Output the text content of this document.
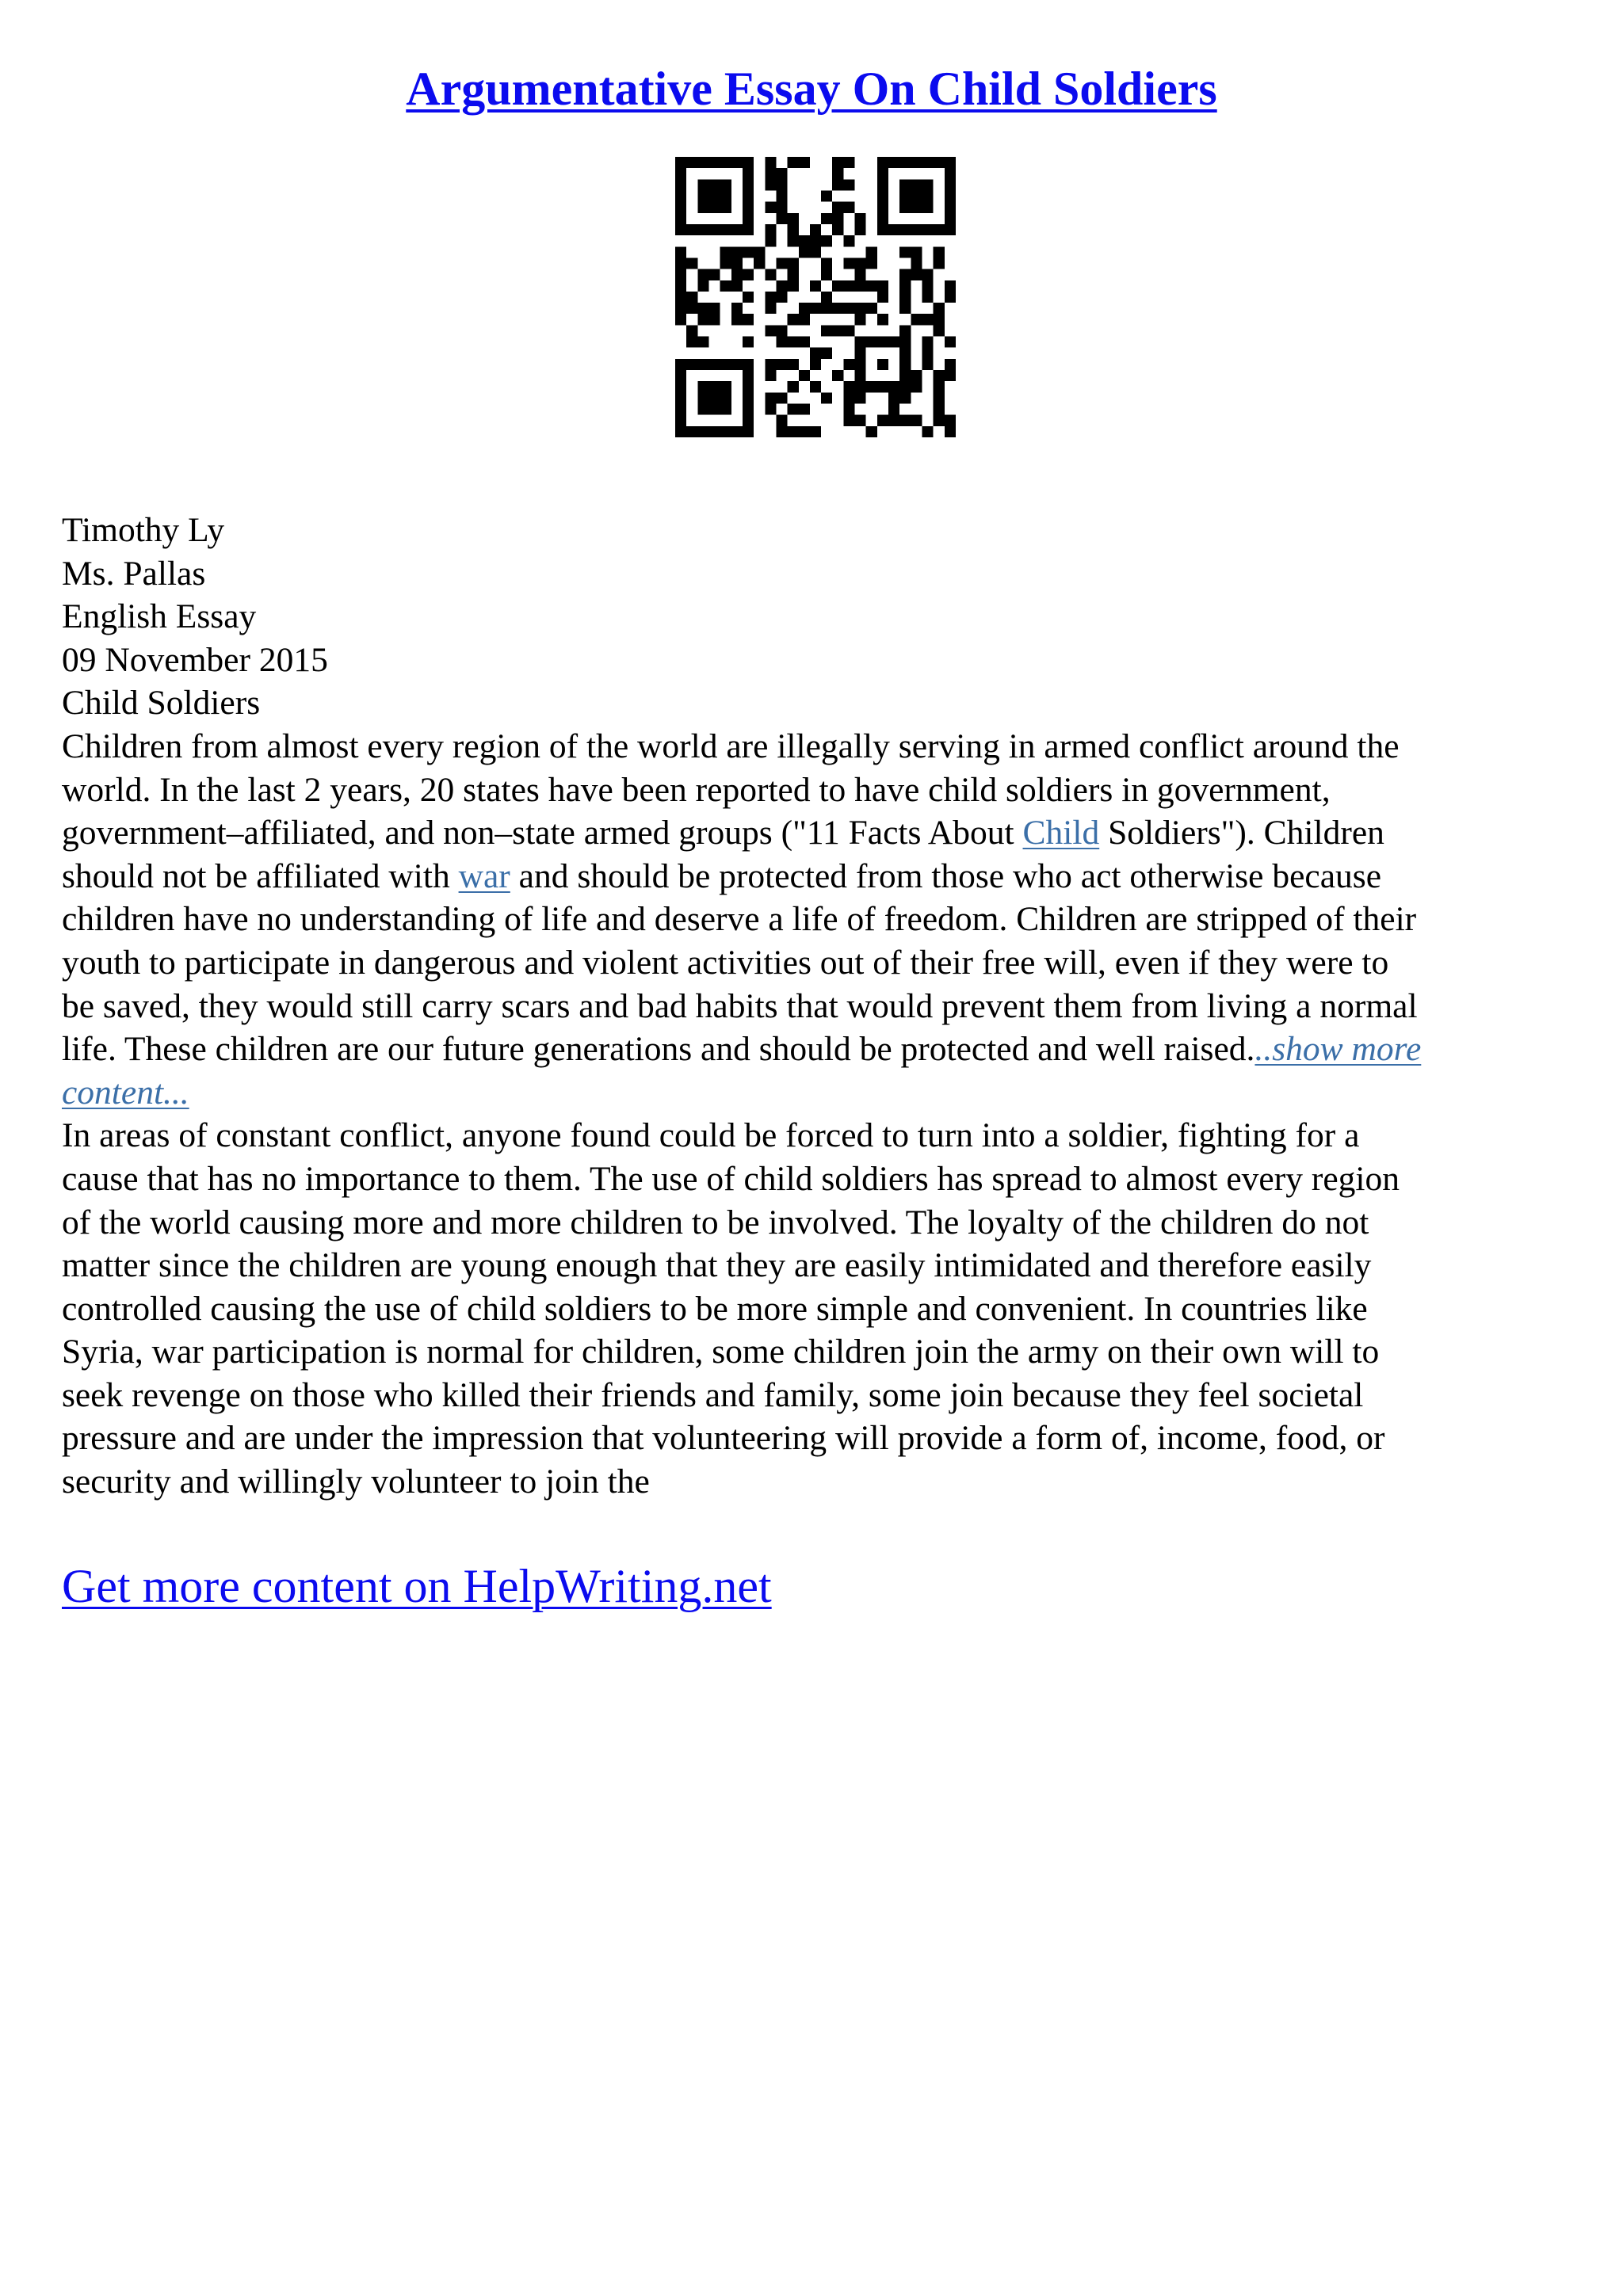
Argumentative Essay On Child Soldiers
Timothy Ly
Ms. Pallas
English Essay
09 November 2015
Child Soldiers
Children from almost every region of the world are illegally serving in armed conflict around the
world. In the last 2 years, 20 states have been reported to have child soldiers in government,
government–affiliated, and non–state armed groups ("11 Facts About Child Soldiers"). Children
should not be affiliated with war and should be protected from those who act otherwise because
children have no understanding of life and deserve a life of freedom. Children are stripped of their
youth to participate in dangerous and violent activities out of their free will, even if they were to
be saved, they would still carry scars and bad habits that would prevent them from living a normal
life. These children are our future generations and should be protected and well raised...show more
content...
In areas of constant conflict, anyone found could be forced to turn into a soldier, fighting for a
cause that has no importance to them. The use of child soldiers has spread to almost every region
of the world causing more and more children to be involved. The loyalty of the children do not
matter since the children are young enough that they are easily intimidated and therefore easily
controlled causing the use of child soldiers to be more simple and convenient. In countries like
Syria, war participation is normal for children, some children join the army on their own will to
seek revenge on those who killed their friends and family, some join because they feel societal
pressure and are under the impression that volunteering will provide a form of, income, food, or
security and willingly volunteer to join the
Get more content on HelpWriting.net
